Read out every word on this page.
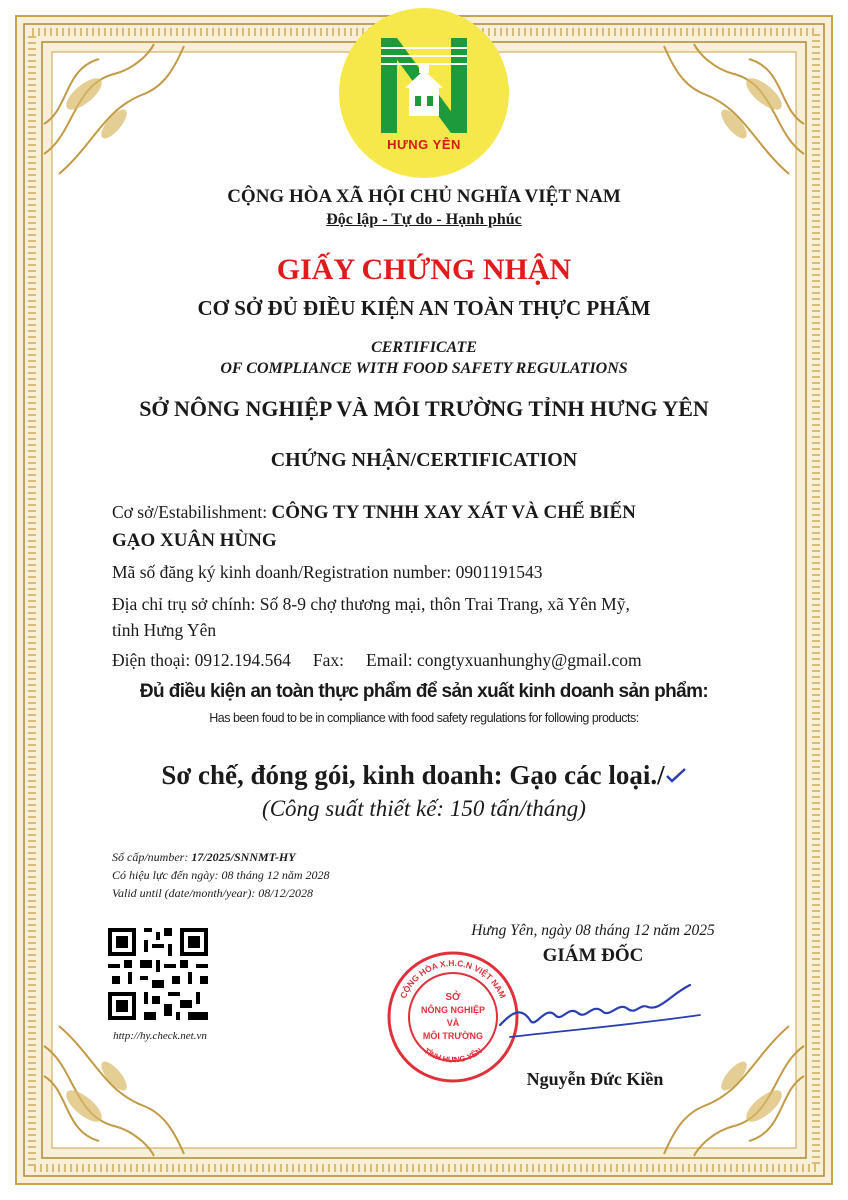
HƯNG YÊN
CỘNG HÒA XÃ HỘI CHỦ NGHĨA VIỆT NAM
Độc lập - Tự do - Hạnh phúc
GIẤY CHỨNG NHẬN
CƠ SỞ ĐỦ ĐIỀU KIỆN AN TOÀN THỰC PHẨM
CERTIFICATE
OF COMPLIANCE WITH FOOD SAFETY REGULATIONS
SỞ NÔNG NGHIỆP VÀ MÔI TRƯỜNG TỈNH HƯNG YÊN
CHỨNG NHẬN/CERTIFICATION
Cơ sở/Estabilishment: CÔNG TY TNHH XAY XÁT VÀ CHẾ BIẾN
GẠO XUÂN HÙNG
Mã số đăng ký kinh doanh/Registration number: 0901191543
Địa chỉ trụ sở chính: Số 8-9 chợ thương mại, thôn Trai Trang, xã Yên Mỹ,
tỉnh Hưng Yên
Điện thoại: 0912.194.564 Fax: Email: congtyxuanhunghy@gmail.com
Đủ điều kiện an toàn thực phẩm để sản xuất kinh doanh sản phẩm:
Has been foud to be in compliance with food safety regulations for following products:
Sơ chế, đóng gói, kinh doanh: Gạo các loại./
(Công suất thiết kế: 150 tấn/tháng)
Số cấp/number: 17/2025/SNNMT-HY
Có hiệu lực đến ngày: 08 tháng 12 năm 2028
Valid until (date/month/year): 08/12/2028
http://hy.check.net.vn
Hưng Yên, ngày 08 tháng 12 năm 2025
GIÁM ĐỐC
CỘNG HÒA X.H.C.N VIỆT NAM
TỈNH HƯNG YÊN
SỞ
NÔNG NGHIỆP
VÀ
MÔI TRƯỜNG
Nguyễn Đức Kiền
